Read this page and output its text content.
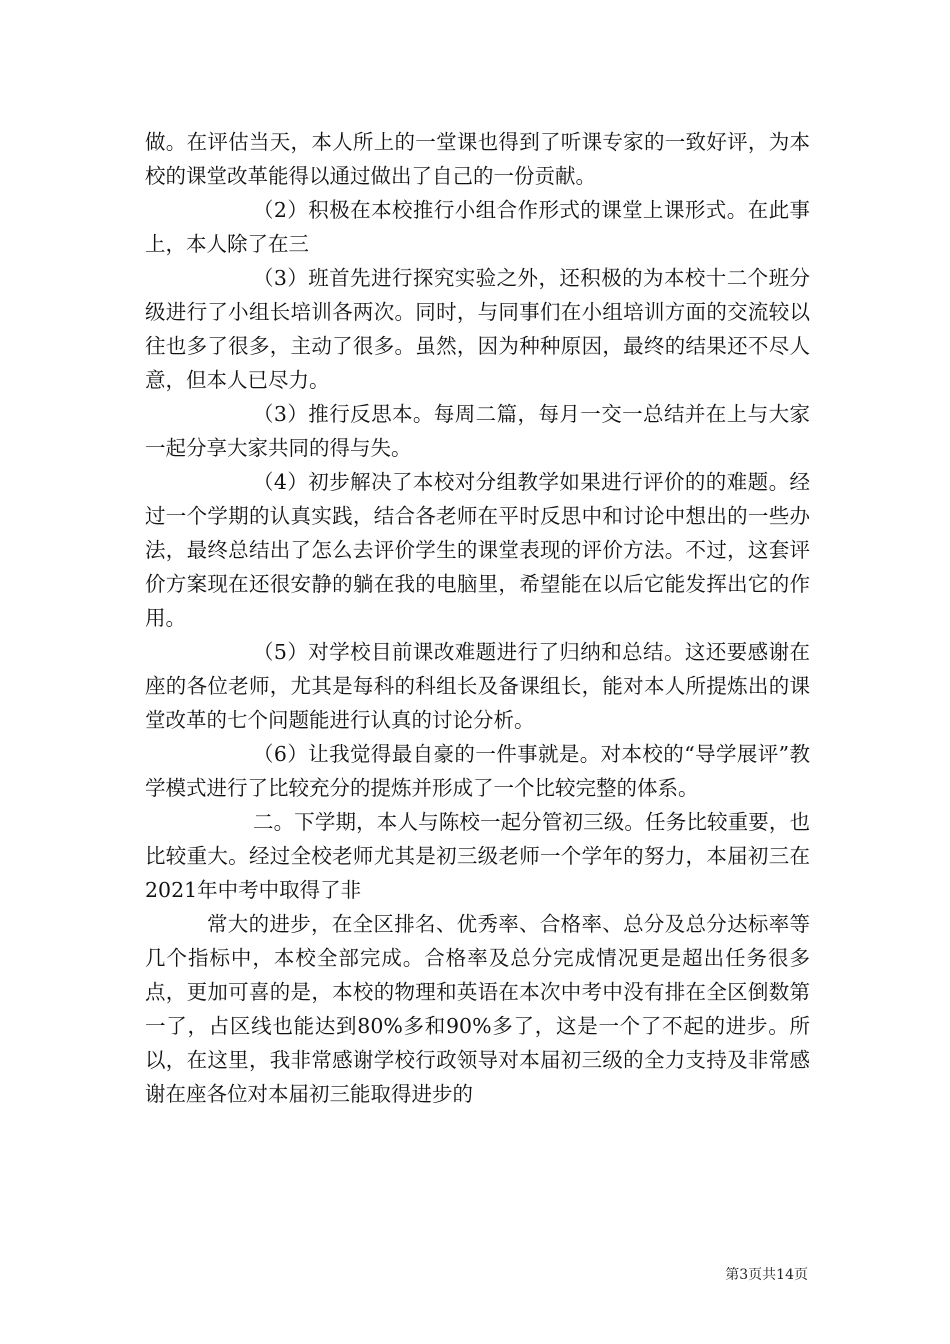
做。在评估当天，本人所上的一堂课也得到了听课专家的一致好评，为本校的课堂改革能得以通过做出了自己的一份贡献。

（2）积极在本校推行小组合作形式的课堂上课形式。在此事上，本人除了在三

（3）班首先进行探究实验之外，还积极的为本校十二个班分级进行了小组长培训各两次。同时，与同事们在小组培训方面的交流较以往也多了很多，主动了很多。虽然，因为种种原因，最终的结果还不尽人意，但本人已尽力。

（3）推行反思本。每周二篇，每月一交一总结并在上与大家一起分享大家共同的得与失。

（4）初步解决了本校对分组教学如果进行评价的的难题。经过一个学期的认真实践，结合各老师在平时反思中和讨论中想出的一些办法，最终总结出了怎么去评价学生的课堂表现的评价方法。不过，这套评价方案现在还很安静的躺在我的电脑里，希望能在以后它能发挥出它的作用。

（5）对学校目前课改难题进行了归纳和总结。这还要感谢在座的各位老师，尤其是每科的科组长及备课组长，能对本人所提炼出的课堂改革的七个问题能进行认真的讨论分析。

（6）让我觉得最自豪的一件事就是。对本校的“导学展评”教学模式进行了比较充分的提炼并形成了一个比较完整的体系。

二。下学期，本人与陈校一起分管初三级。任务比较重要，也比较重大。经过全校老师尤其是初三级老师一个学年的努力，本届初三在2021年中考中取得了非

常大的进步，在全区排名、优秀率、合格率、总分及总分达标率等几个指标中，本校全部完成。合格率及总分完成情况更是超出任务很多点，更加可喜的是，本校的物理和英语在本次中考中没有排在全区倒数第一了，占区线也能达到80%多和90%多了，这是一个了不起的进步。所以，在这里，我非常感谢学校行政领导对本届初三级的全力支持及非常感谢在座各位对本届初三能取得进步的

第3页共14页
